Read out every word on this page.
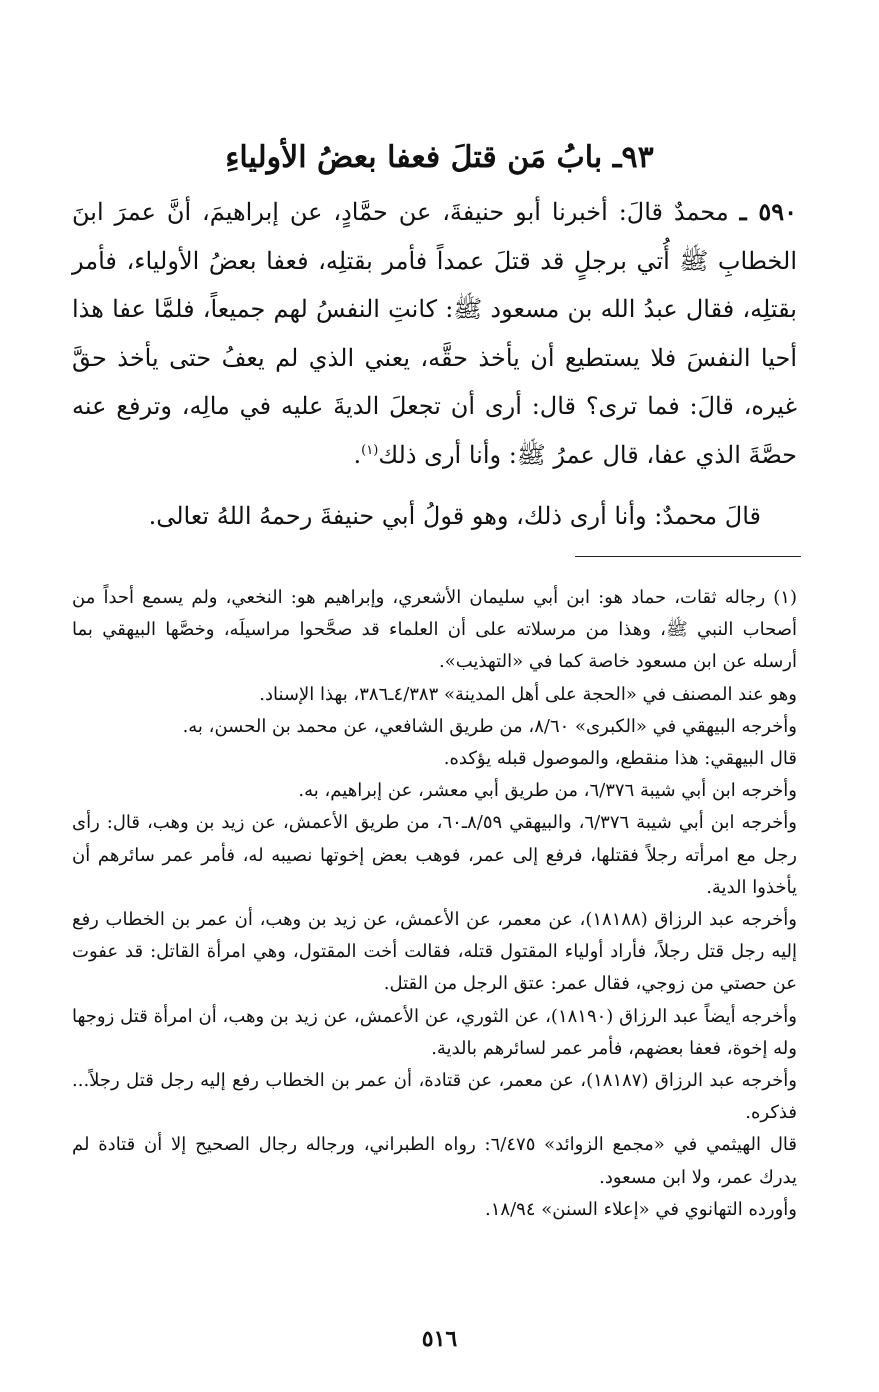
٩٣ـ بابُ مَن قتلَ فعفا بعضُ الأولياءِ

٥٩٠ ـ محمدٌ قالَ: أخبرنا أبو حنيفةَ، عن حمَّادٍ، عن إبراهيمَ، أنَّ عمرَ ابنَ الخطابِ ﷺ أُتي برجلٍ قد قتلَ عمداً فأمر بقتلِه، فعفا بعضُ الأولياء، فأمر بقتلِه، فقال عبدُ الله بن مسعود ﷺ: كانتِ النفسُ لهم جميعاً، فلمَّا عفا هذا أحيا النفسَ فلا يستطيع أن يأخذ حقَّه، يعني الذي لم يعفُ حتى يأخذ حقَّ غيره، قالَ: فما ترى؟ قال: أرى أن تجعلَ الديةَ عليه في مالِه، وترفع عنه حصَّةَ الذي عفا، قال عمرُ ﷺ: وأنا أرى ذلك$^{(١)}$.

قالَ محمدٌ: وأنا أرى ذلك، وهو قولُ أبي حنيفةَ رحمهُ اللهُ تعالى.

(١) رجاله ثقات، حماد هو: ابن أبي سليمان الأشعري، وإبراهيم هو: النخعي، ولم يسمع أحداً من أصحاب النبي ﷺ، وهذا من مرسلاته على أن العلماء قد صحَّحوا مراسيلَه، وخصَّها البيهقي بما أرسله عن ابن مسعود خاصة كما في «التهذيب».

وهو عند المصنف في «الحجة على أهل المدينة» ٤/٣٨٣ـ٣٨٦، بهذا الإسناد.

وأخرجه البيهقي في «الكبرى» ٨/٦٠، من طريق الشافعي، عن محمد بن الحسن، به.

قال البيهقي: هذا منقطع، والموصول قبله يؤكده.

وأخرجه ابن أبي شيبة ٦/٣٧٦، من طريق أبي معشر، عن إبراهيم، به.

وأخرجه ابن أبي شيبة ٦/٣٧٦، والبيهقي ٨/٥٩ـ٦٠، من طريق الأعمش، عن زيد بن وهب، قال: رأى رجل مع امرأته رجلاً فقتلها، فرفع إلى عمر، فوهب بعض إخوتها نصيبه له، فأمر عمر سائرهم أن يأخذوا الدية.

وأخرجه عبد الرزاق (١٨١٨٨)، عن معمر، عن الأعمش، عن زيد بن وهب، أن عمر بن الخطاب رفع إليه رجل قتل رجلاً، فأراد أولياء المقتول قتله، فقالت أخت المقتول، وهي امرأة القاتل: قد عفوت عن حصتي من زوجي، فقال عمر: عتق الرجل من القتل.

وأخرجه أيضاً عبد الرزاق (١٨١٩٠)، عن الثوري، عن الأعمش، عن زيد بن وهب، أن امرأة قتل زوجها وله إخوة، فعفا بعضهم، فأمر عمر لسائرهم بالدية.

وأخرجه عبد الرزاق (١٨١٨٧)، عن معمر، عن قتادة، أن عمر بن الخطاب رفع إليه رجل قتل رجلاً... فذكره.

قال الهيثمي في «مجمع الزوائد» ٦/٤٧٥: رواه الطبراني، ورجاله رجال الصحيح إلا أن قتادة لم يدرك عمر، ولا ابن مسعود.

وأورده التهانوي في «إعلاء السنن» ١٨/٩٤.

٥١٦
